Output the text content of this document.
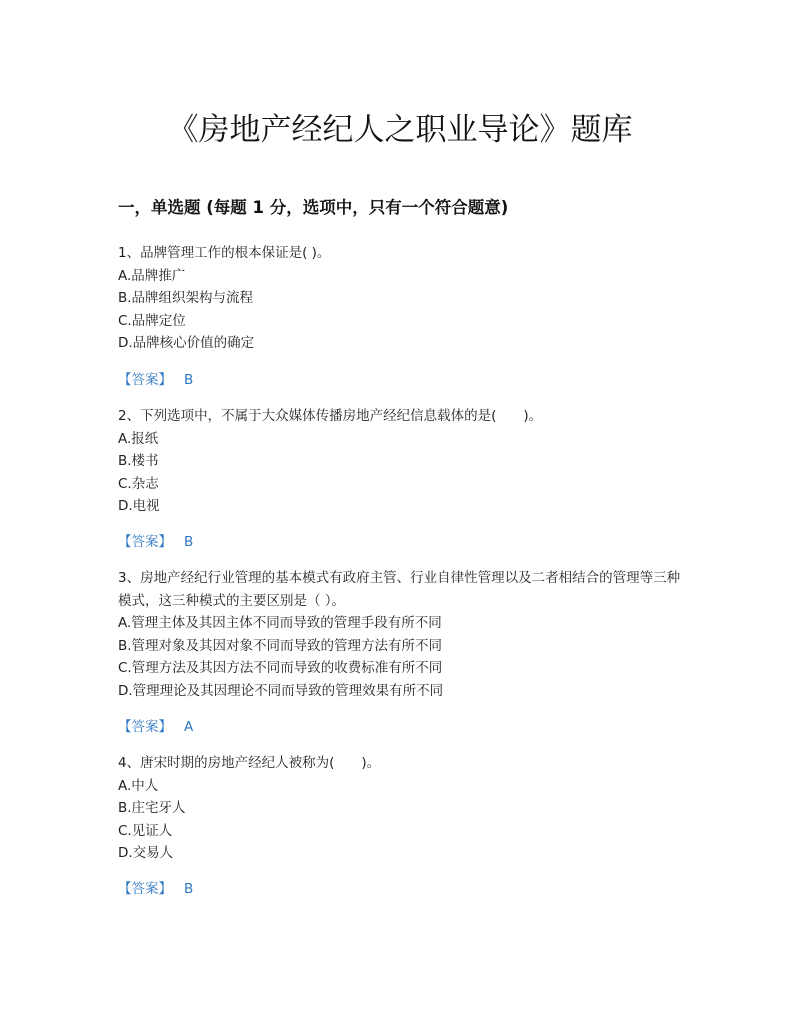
《房地产经纪人之职业导论》题库
一，单选题 (每题 1 分，选项中，只有一个符合题意)

1、品牌管理工作的根本保证是( )。

A.品牌推广

B.品牌组织架构与流程

C.品牌定位

D.品牌核心价值的确定

【答案】 B

2、下列选项中，不属于大众媒体传播房地产经纪信息载体的是(　　)。

A.报纸

B.楼书

C.杂志

D.电视

【答案】 B

3、房地产经纪行业管理的基本模式有政府主管、行业自律性管理以及二者相结合的管理等三种模式，这三种模式的主要区别是（ ）。

A.管理主体及其因主体不同而导致的管理手段有所不同

B.管理对象及其因对象不同而导致的管理方法有所不同

C.管理方法及其因方法不同而导致的收费标准有所不同

D.管理理论及其因理论不同而导致的管理效果有所不同

【答案】 A

4、唐宋时期的房地产经纪人被称为(　　)。

A.中人

B.庄宅牙人

C.见证人

D.交易人

【答案】 B
